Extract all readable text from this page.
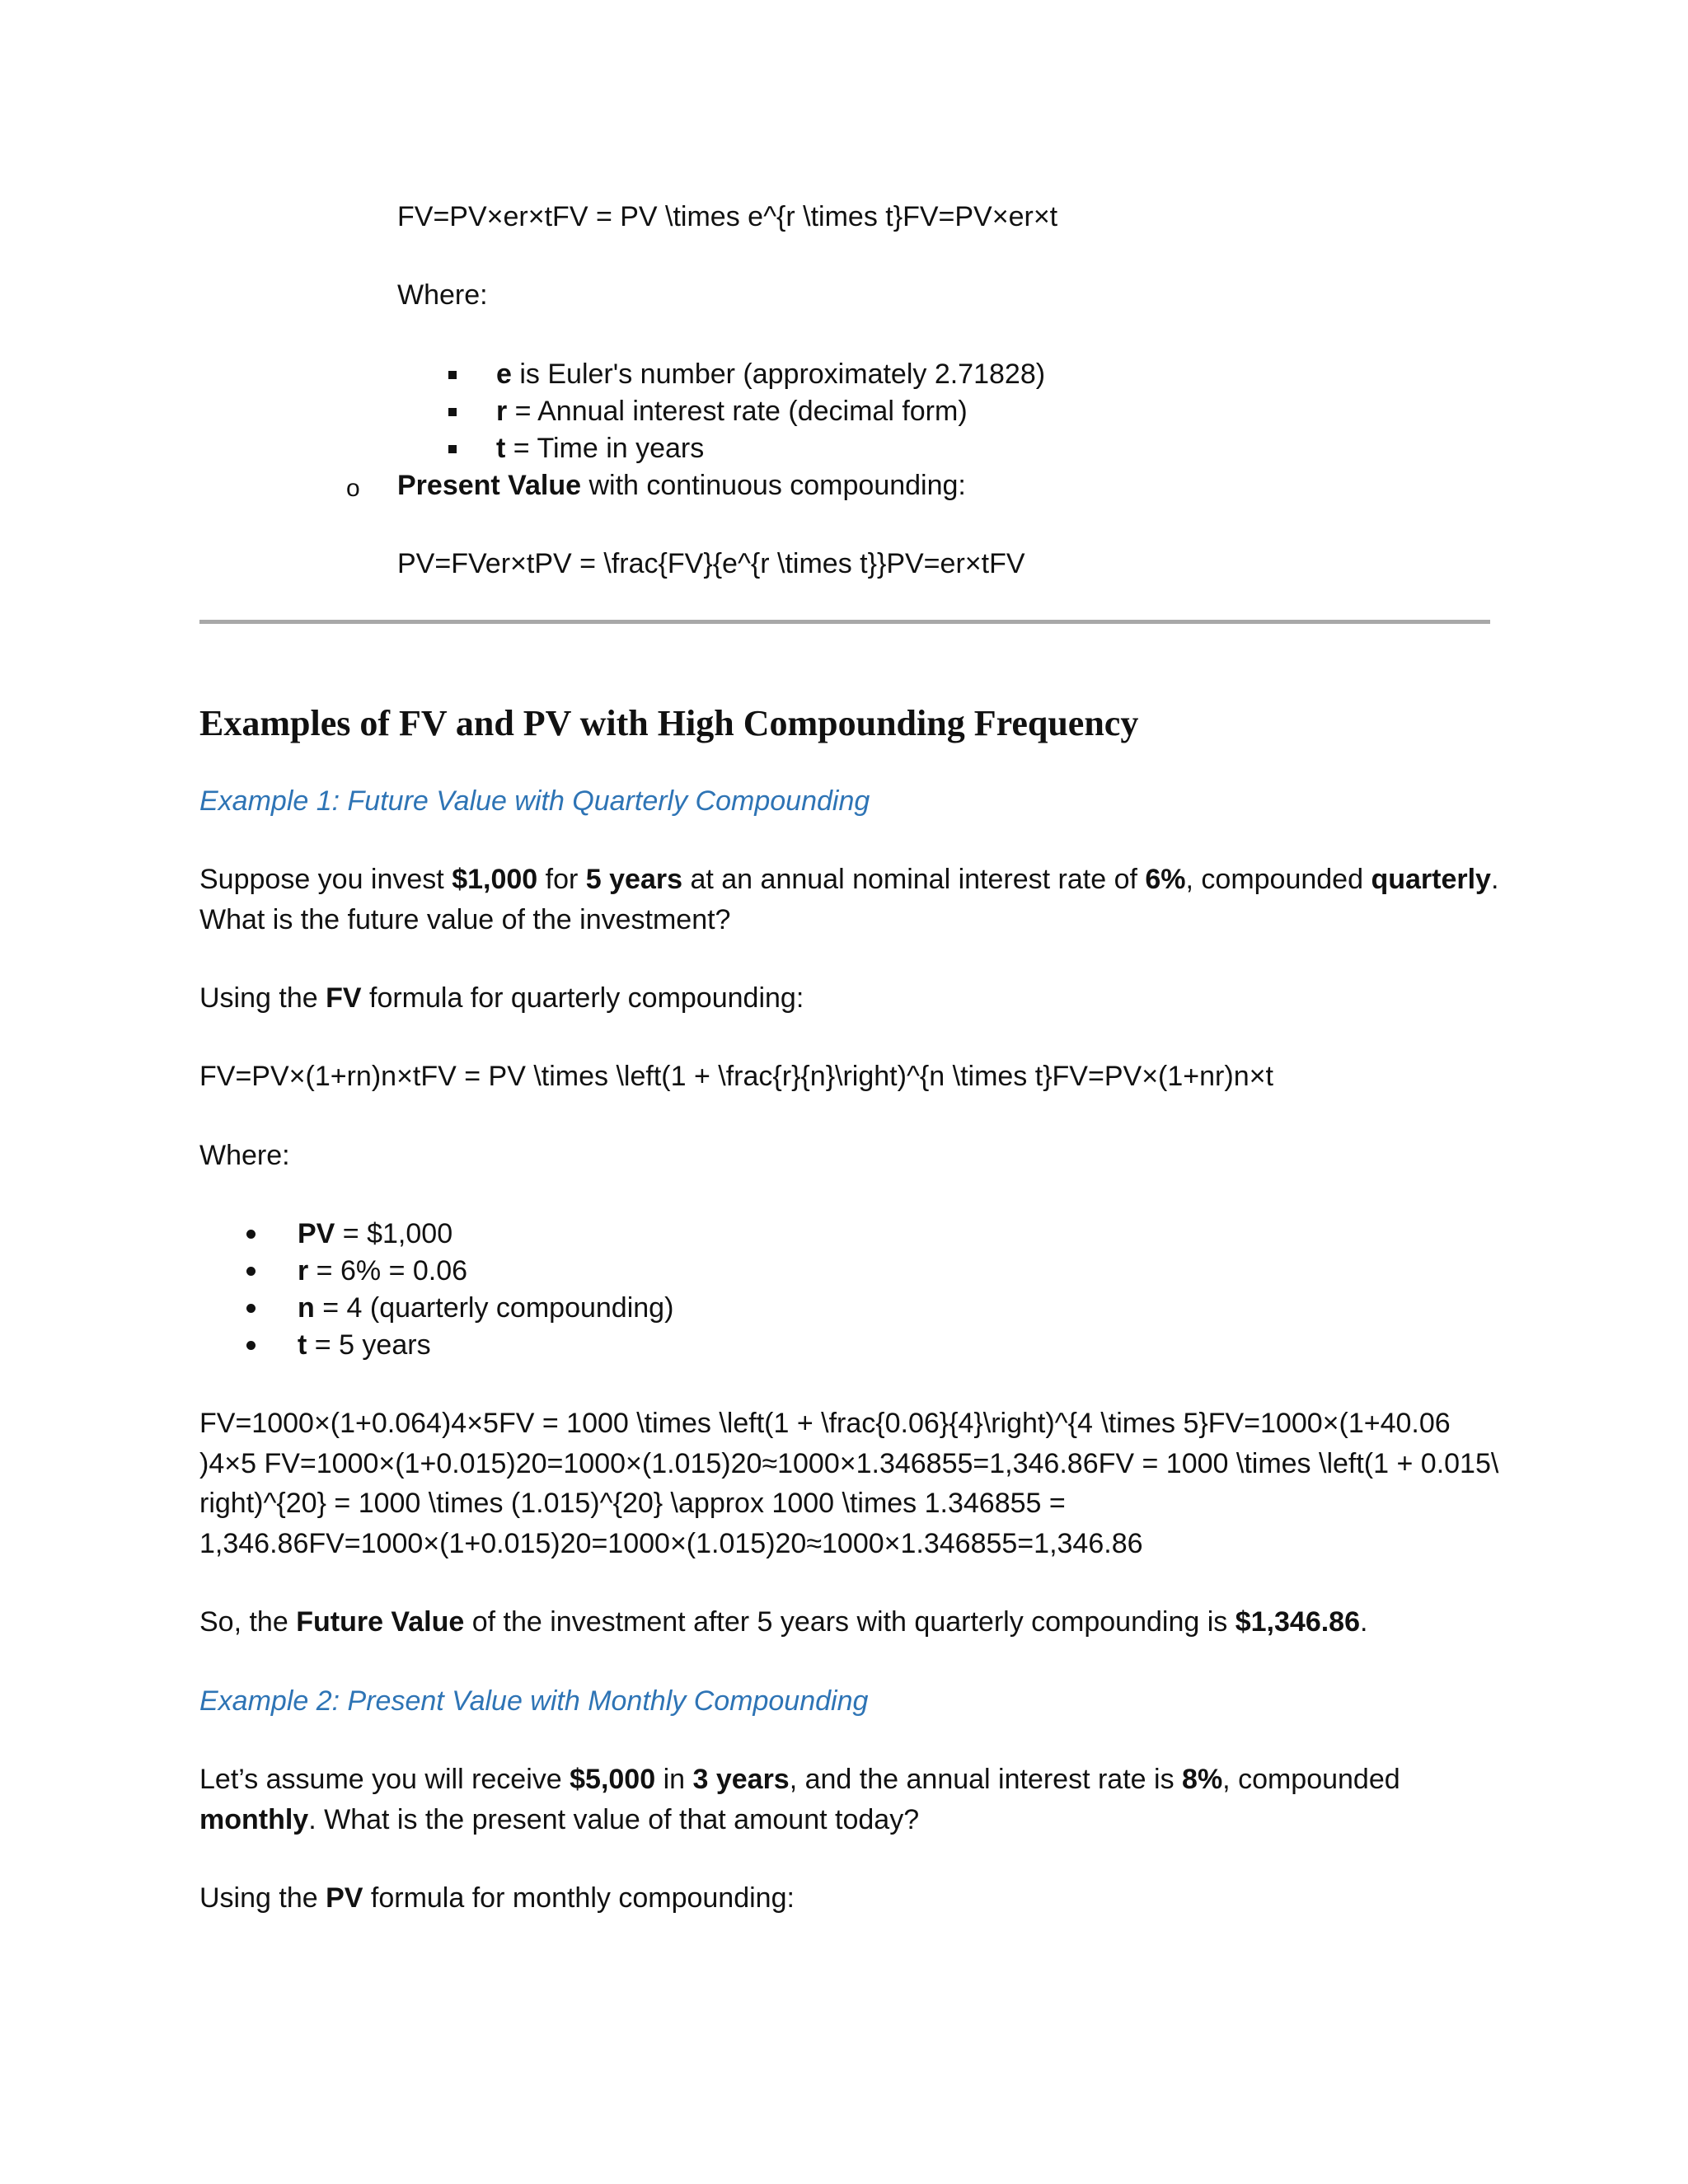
FV=PV×er×tFV = PV \times e^{r \times t}FV=PV×er×t

Where:

e is Euler's number (approximately 2.71828)

r = Annual interest rate (decimal form)

t = Time in years

o Present Value with continuous compounding:

PV=FVer×tPV = \frac{FV}{e^{r \times t}}PV=er×tFV

Examples of FV and PV with High Compounding Frequency

Example 1: Future Value with Quarterly Compounding

Suppose you invest $1,000 for 5 years at an annual nominal interest rate of 6%, compounded quarterly.

What is the future value of the investment?

Using the FV formula for quarterly compounding:

FV=PV×(1+rn)n×tFV = PV \times \left(1 + \frac{r}{n}\right)^{n \times t}FV=PV×(1+nr)n×t

Where:

PV = $1,000

r = 6% = 0.06

n = 4 (quarterly compounding)

t = 5 years

FV=1000×(1+0.064)4×5FV = 1000 \times \left(1 + \frac{0.06}{4}\right)^{4 \times 5}FV=1000×(1+40.06

)4×5 FV=1000×(1+0.015)20=1000×(1.015)20≈1000×1.346855=1,346.86FV = 1000 \times \left(1 + 0.015\

right)^{20} = 1000 \times (1.015)^{20} \approx 1000 \times 1.346855 =

1,346.86FV=1000×(1+0.015)20=1000×(1.015)20≈1000×1.346855=1,346.86

So, the Future Value of the investment after 5 years with quarterly compounding is $1,346.86.

Example 2: Present Value with Monthly Compounding

Let’s assume you will receive $5,000 in 3 years, and the annual interest rate is 8%, compounded

monthly. What is the present value of that amount today?

Using the PV formula for monthly compounding:
